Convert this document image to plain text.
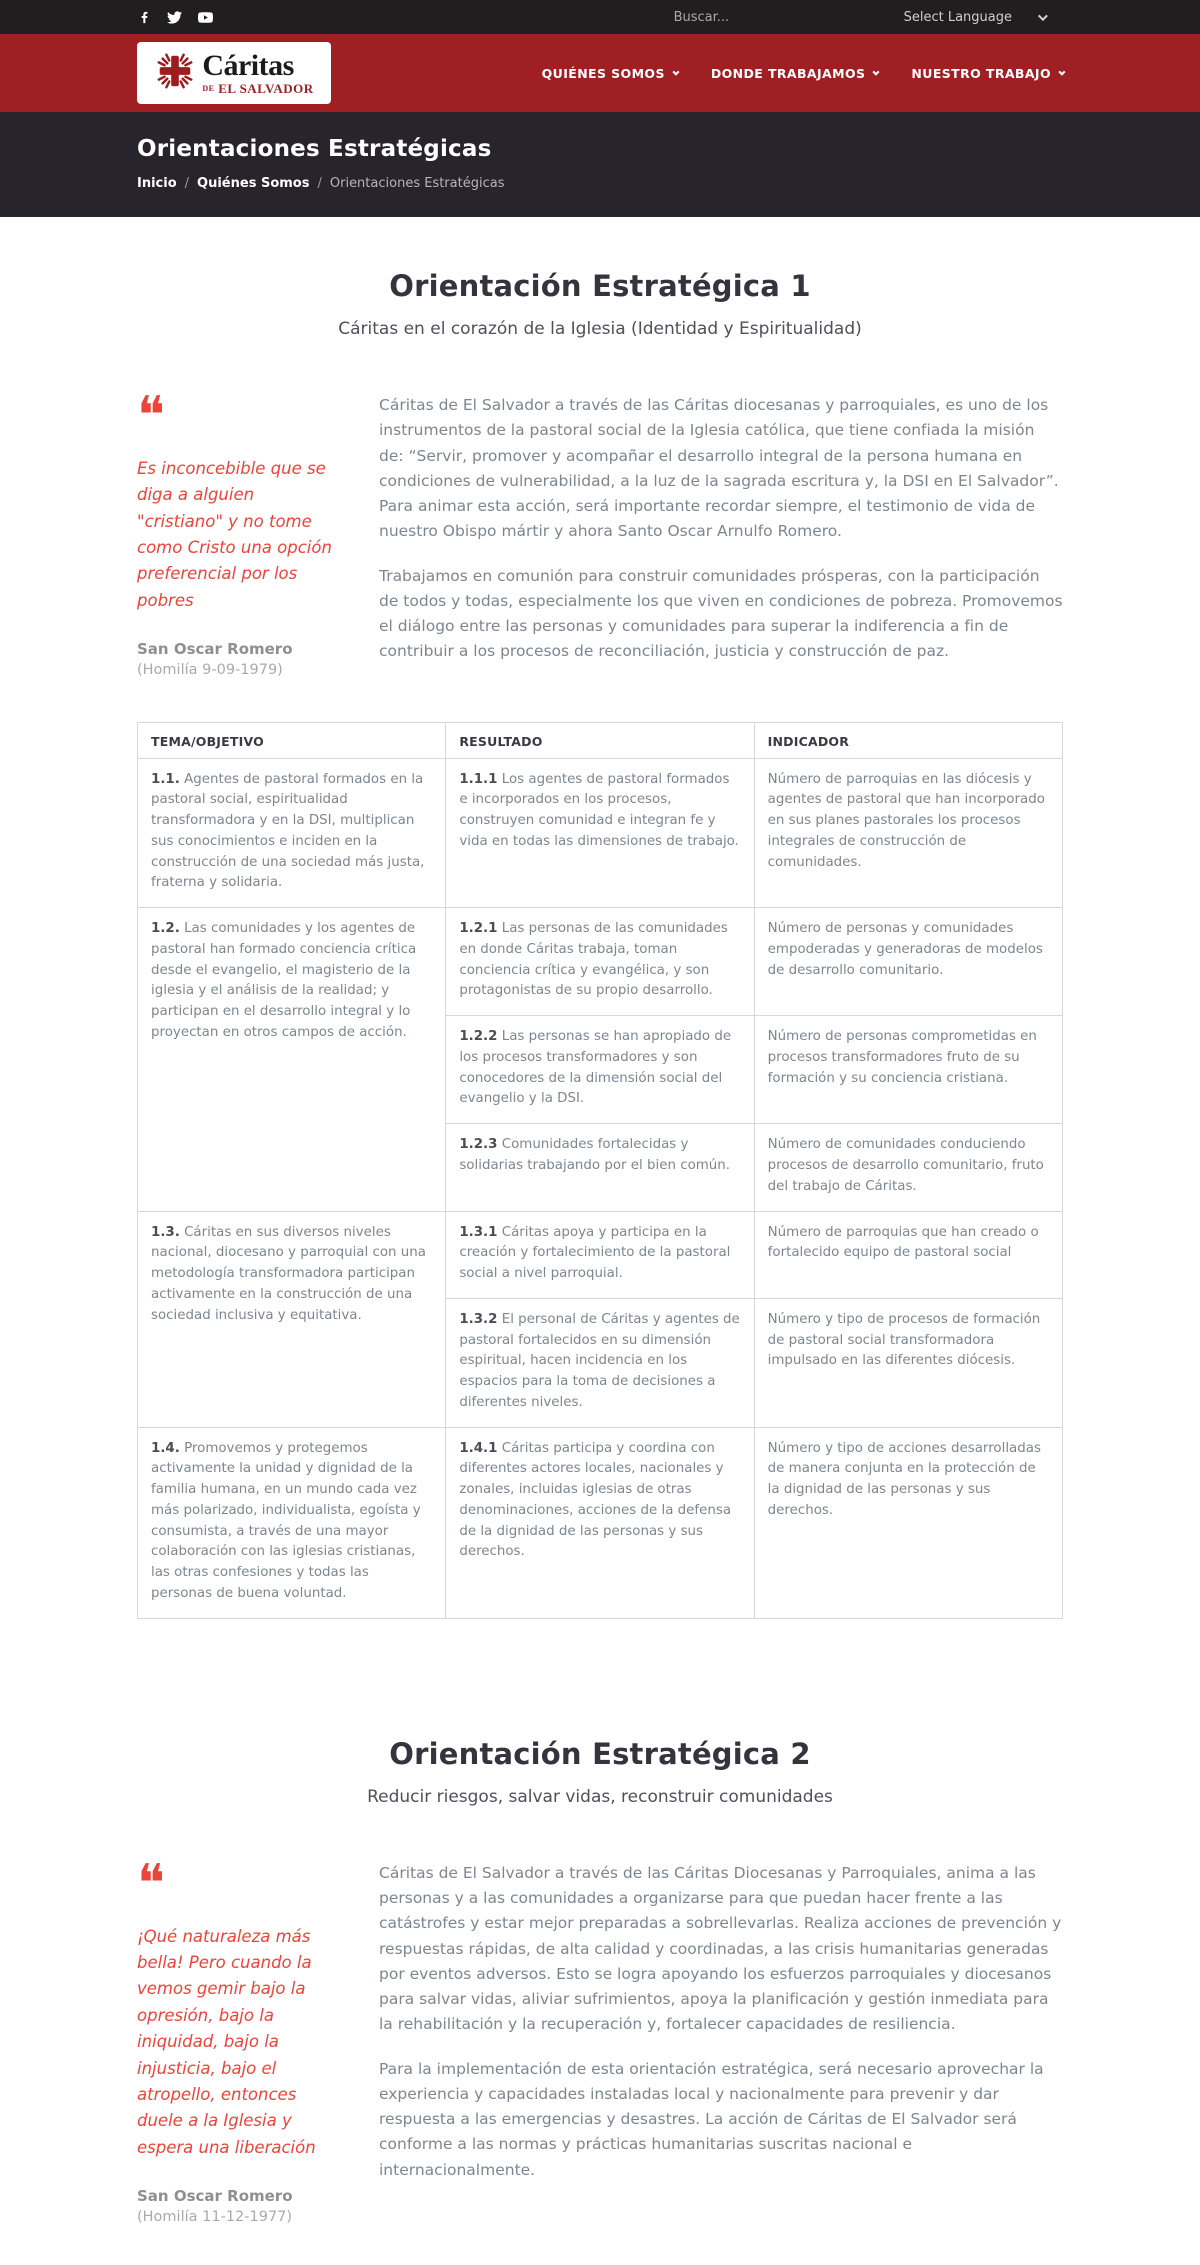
Buscar...
Select Language
Cáritas
DE EL SALVADOR
QUIÉNES SOMOS	DONDE TRABAJAMOS	NUESTRO TRABAJO
Orientaciones Estratégicas
Inicio / Quiénes Somos / Orientaciones Estratégicas
Orientación Estratégica 1
Cáritas en el corazón de la Iglesia (Identidad y Espiritualidad)
❝
Es inconcebible que se diga a alguien "cristiano" y no tome como Cristo una opción preferencial por los pobres
San Oscar Romero
(Homilía 9-09-1979)

Cáritas de El Salvador a través de las Cáritas diocesanas y parroquiales, es uno de los instrumentos de la pastoral social de la Iglesia católica, que tiene confiada la misión de: “Servir, promover y acompañar el desarrollo integral de la persona humana en condiciones de vulnerabilidad, a la luz de la sagrada escritura y, la DSI en El Salvador”. Para animar esta acción, será importante recordar siempre, el testimonio de vida de nuestro Obispo mártir y ahora Santo Oscar Arnulfo Romero.

Trabajamos en comunión para construir comunidades prósperas, con la participación de todos y todas, especialmente los que viven en condiciones de pobreza. Promovemos el diálogo entre las personas y comunidades para superar la indiferencia a fin de contribuir a los procesos de reconciliación, justicia y construcción de paz.

TEMA/OBJETIVO	RESULTADO	INDICADOR
1.1. Agentes de pastoral formados en la pastoral social, espiritualidad transformadora y en la DSI, multiplican sus conocimientos e inciden en la construcción de una sociedad más justa, fraterna y solidaria.	1.1.1 Los agentes de pastoral formados e incorporados en los procesos, construyen comunidad e integran fe y vida en todas las dimensiones de trabajo.	Número de parroquias en las diócesis y agentes de pastoral que han incorporado en sus planes pastorales los procesos integrales de construcción de comunidades.
1.2. Las comunidades y los agentes de pastoral han formado conciencia crítica desde el evangelio, el magisterio de la iglesia y el análisis de la realidad; y participan en el desarrollo integral y lo proyectan en otros campos de acción.	1.2.1 Las personas de las comunidades en donde Cáritas trabaja, toman conciencia crítica y evangélica, y son protagonistas de su propio desarrollo.	Número de personas y comunidades empoderadas y generadoras de modelos de desarrollo comunitario.
	1.2.2 Las personas se han apropiado de los procesos transformadores y son conocedores de la dimensión social del evangelio y la DSI.	Número de personas comprometidas en procesos transformadores fruto de su formación y su conciencia cristiana.
	1.2.3 Comunidades fortalecidas y solidarias trabajando por el bien común.	Número de comunidades conduciendo procesos de desarrollo comunitario, fruto del trabajo de Cáritas.
1.3. Cáritas en sus diversos niveles nacional, diocesano y parroquial con una metodología transformadora participan activamente en la construcción de una sociedad inclusiva y equitativa.	1.3.1 Cáritas apoya y participa en la creación y fortalecimiento de la pastoral social a nivel parroquial.	Número de parroquias que han creado o fortalecido equipo de pastoral social
	1.3.2 El personal de Cáritas y agentes de pastoral fortalecidos en su dimensión espiritual, hacen incidencia en los espacios para la toma de decisiones a diferentes niveles.	Número y tipo de procesos de formación de pastoral social transformadora impulsado en las diferentes diócesis.
1.4. Promovemos y protegemos activamente la unidad y dignidad de la familia humana, en un mundo cada vez más polarizado, individualista, egoísta y consumista, a través de una mayor colaboración con las iglesias cristianas, las otras confesiones y todas las personas de buena voluntad.	1.4.1 Cáritas participa y coordina con diferentes actores locales, nacionales y zonales, incluidas iglesias de otras denominaciones, acciones de la defensa de la dignidad de las personas y sus derechos.	Número y tipo de acciones desarrolladas de manera conjunta en la protección de la dignidad de las personas y sus derechos.
Orientación Estratégica 2
Reducir riesgos, salvar vidas, reconstruir comunidades
❝
¡Qué naturaleza más bella! Pero cuando la vemos gemir bajo la opresión, bajo la iniquidad, bajo la injusticia, bajo el atropello, entonces duele a la Iglesia y espera una liberación
San Oscar Romero
(Homilía 11-12-1977)

Cáritas de El Salvador a través de las Cáritas Diocesanas y Parroquiales, anima a las personas y a las comunidades a organizarse para que puedan hacer frente a las catástrofes y estar mejor preparadas a sobrellevarlas. Realiza acciones de prevención y respuestas rápidas, de alta calidad y coordinadas, a las crisis humanitarias generadas por eventos adversos. Esto se logra apoyando los esfuerzos parroquiales y diocesanos para salvar vidas, aliviar sufrimientos, apoya la planificación y gestión inmediata para la rehabilitación y la recuperación y, fortalecer capacidades de resiliencia.

Para la implementación de esta orientación estratégica, será necesario aprovechar la experiencia y capacidades instaladas local y nacionalmente para prevenir y dar respuesta a las emergencias y desastres. La acción de Cáritas de El Salvador será conforme a las normas y prácticas humanitarias suscritas nacional e internacionalmente.
